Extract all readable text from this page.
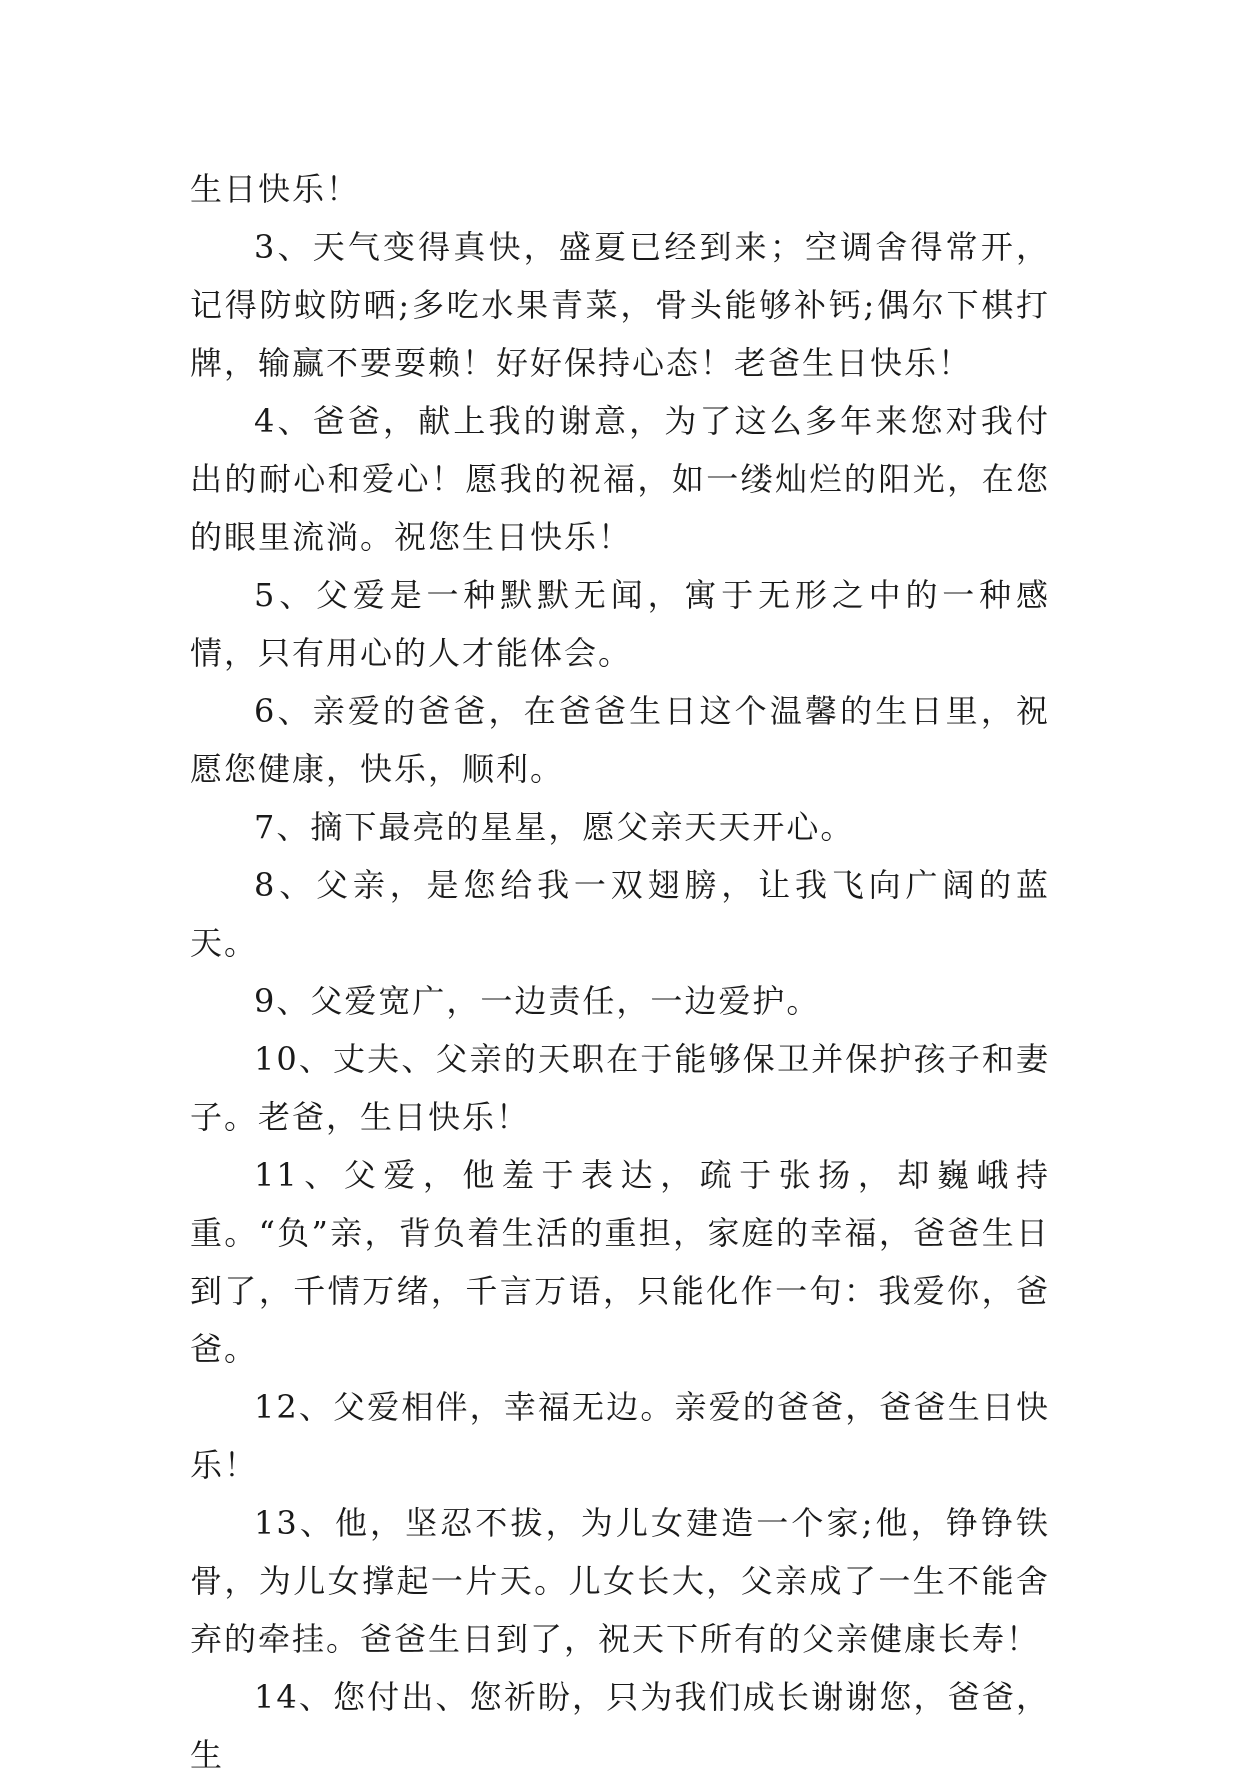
生日快乐！

3、天气变得真快，盛夏已经到来；空调舍得常开，记得防蚊防晒;多吃水果青菜，骨头能够补钙;偶尔下棋打牌，输赢不要耍赖！好好保持心态！老爸生日快乐！

4、爸爸，献上我的谢意，为了这么多年来您对我付出的耐心和爱心！愿我的祝福，如一缕灿烂的阳光，在您的眼里流淌。祝您生日快乐！

5、父爱是一种默默无闻，寓于无形之中的一种感情，只有用心的人才能体会。

6、亲爱的爸爸，在爸爸生日这个温馨的生日里，祝愿您健康，快乐，顺利。

7、摘下最亮的星星，愿父亲天天开心。

8、父亲，是您给我一双翅膀，让我飞向广阔的蓝天。

9、父爱宽广，一边责任，一边爱护。

10、丈夫、父亲的天职在于能够保卫并保护孩子和妻子。老爸，生日快乐！

11、父爱，他羞于表达，疏于张扬，却巍峨持重。“负”亲，背负着生活的重担，家庭的幸福，爸爸生日到了，千情万绪，千言万语，只能化作一句：我爱你，爸爸。

12、父爱相伴，幸福无边。亲爱的爸爸，爸爸生日快乐！

13、他，坚忍不拔，为儿女建造一个家;他，铮铮铁骨，为儿女撑起一片天。儿女长大，父亲成了一生不能舍弃的牵挂。爸爸生日到了，祝天下所有的父亲健康长寿！

14、您付出、您祈盼，只为我们成长谢谢您，爸爸，生
